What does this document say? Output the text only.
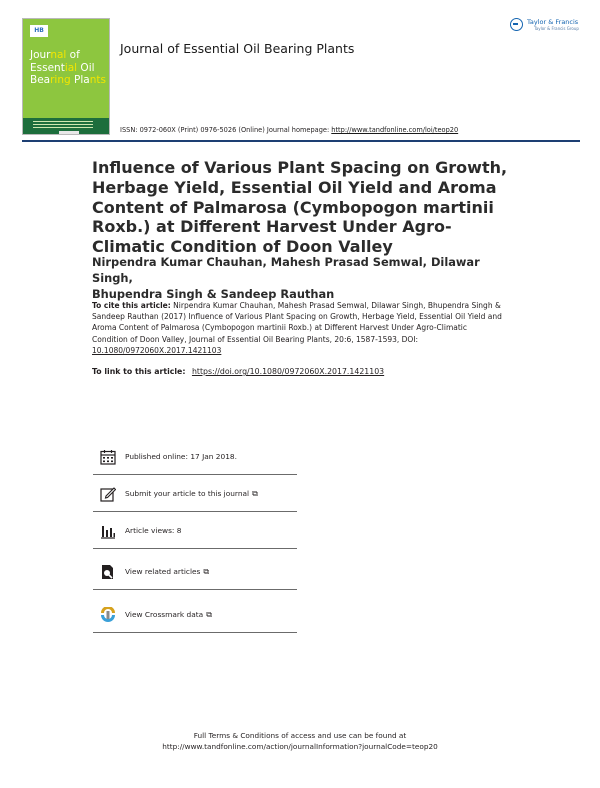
HB
Journal of
Essential Oil
Bearing Plants
Journal of Essential Oil Bearing Plants
Taylor & Francis
Taylor & Francis Group
ISSN: 0972-060X (Print) 0976-5026 (Online) Journal homepage: http://www.tandfonline.com/loi/teop20
Influence of Various Plant Spacing on Growth, Herbage Yield, Essential Oil Yield and Aroma Content of Palmarosa (Cymbopogon martinii Roxb.) at Different Harvest Under Agro-Climatic Condition of Doon Valley
Nirpendra Kumar Chauhan, Mahesh Prasad Semwal, Dilawar Singh,
Bhupendra Singh & Sandeep Rauthan
To cite this article: Nirpendra Kumar Chauhan, Mahesh Prasad Semwal, Dilawar Singh, Bhupendra Singh & Sandeep Rauthan (2017) Influence of Various Plant Spacing on Growth, Herbage Yield, Essential Oil Yield and Aroma Content of Palmarosa (Cymbopogon martinii Roxb.) at Different Harvest Under Agro-Climatic Condition of Doon Valley, Journal of Essential Oil Bearing Plants, 20:6, 1587-1593, DOI: 10.1080/0972060X.2017.1421103
To link to this article: https://doi.org/10.1080/0972060X.2017.1421103
Published online: 17 Jan 2018.
Submit your article to this journal ⧉
Article views: 8
View related articles ⧉
View Crossmark data ⧉
Full Terms & Conditions of access and use can be found at
http://www.tandfonline.com/action/journalInformation?journalCode=teop20
